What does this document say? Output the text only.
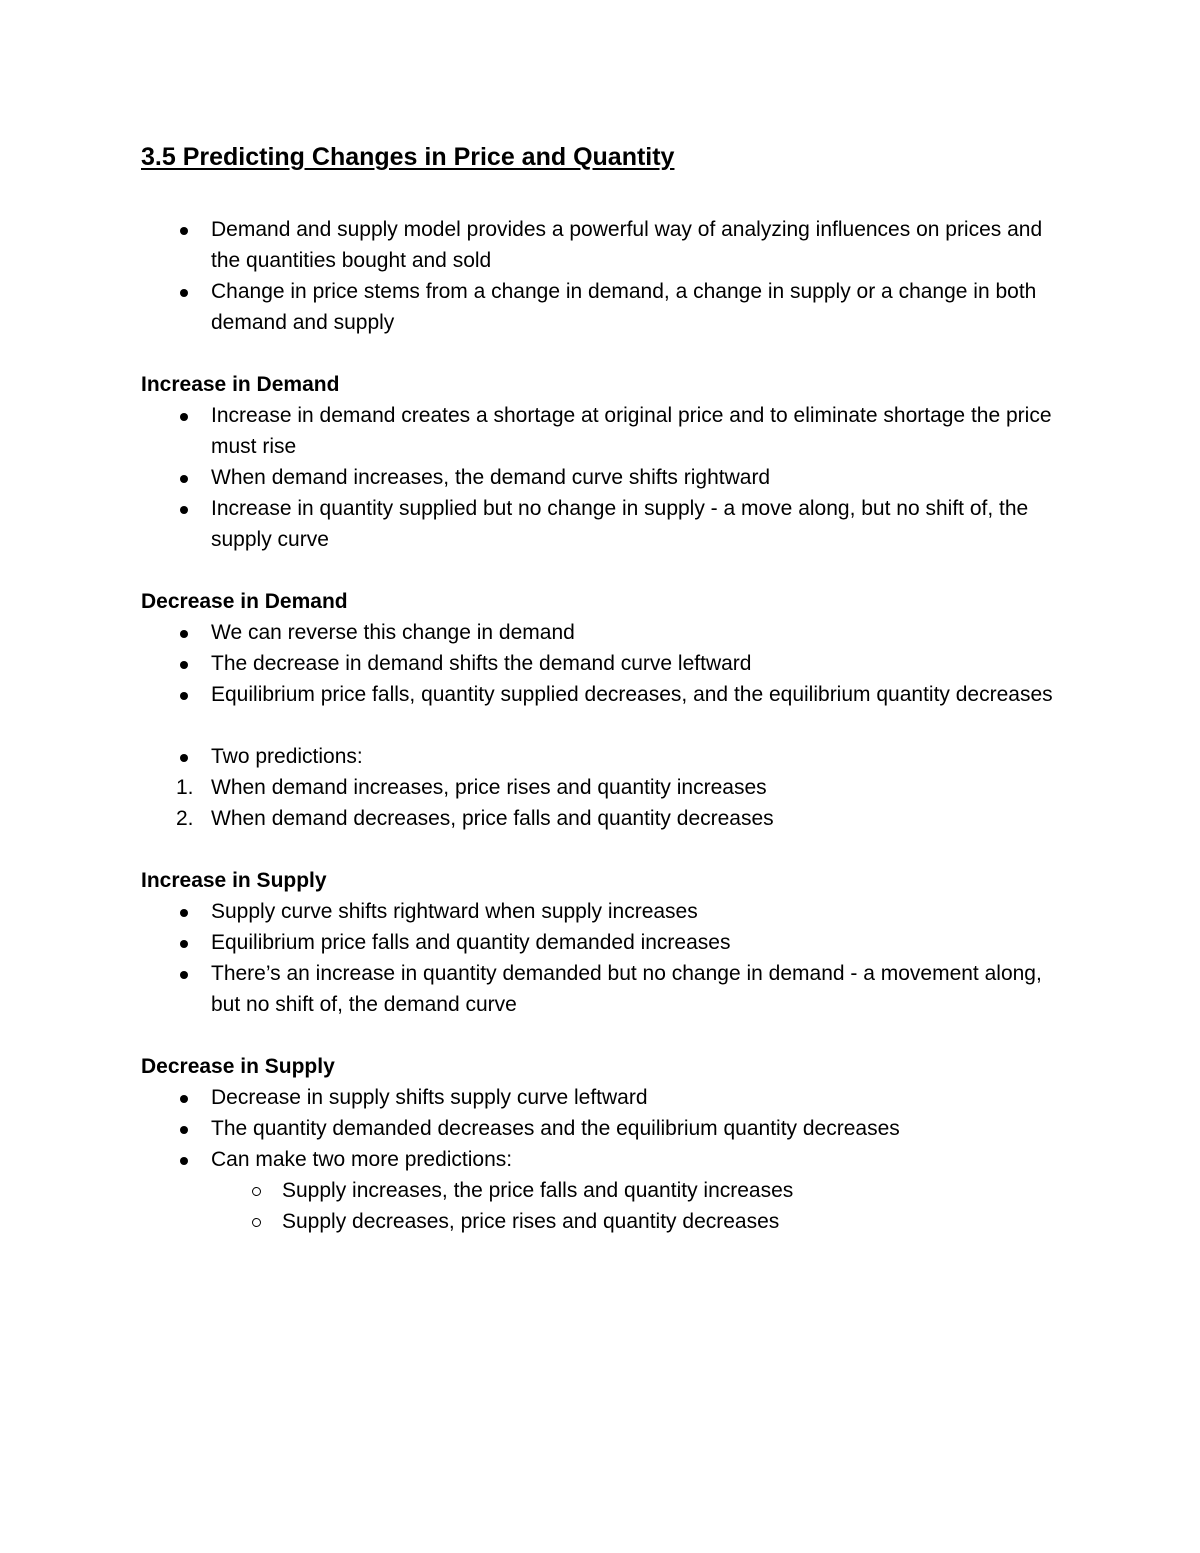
3.5 Predicting Changes in Price and Quantity
Demand and supply model provides a powerful way of analyzing influences on prices and the quantities bought and sold
Change in price stems from a change in demand, a change in supply or a change in both demand and supply
Increase in Demand
Increase in demand creates a shortage at original price and to eliminate shortage the price must rise
When demand increases, the demand curve shifts rightward
Increase in quantity supplied but no change in supply - a move along, but no shift of, the supply curve
Decrease in Demand
We can reverse this change in demand
The decrease in demand shifts the demand curve leftward
Equilibrium price falls, quantity supplied decreases, and the equilibrium quantity decreases
Two predictions:
1. When demand increases, price rises and quantity increases
2. When demand decreases, price falls and quantity decreases
Increase in Supply
Supply curve shifts rightward when supply increases
Equilibrium price falls and quantity demanded increases
There’s an increase in quantity demanded but no change in demand - a movement along, but no shift of, the demand curve
Decrease in Supply
Decrease in supply shifts supply curve leftward
The quantity demanded decreases and the equilibrium quantity decreases
Can make two more predictions:
Supply increases, the price falls and quantity increases
Supply decreases, price rises and quantity decreases
